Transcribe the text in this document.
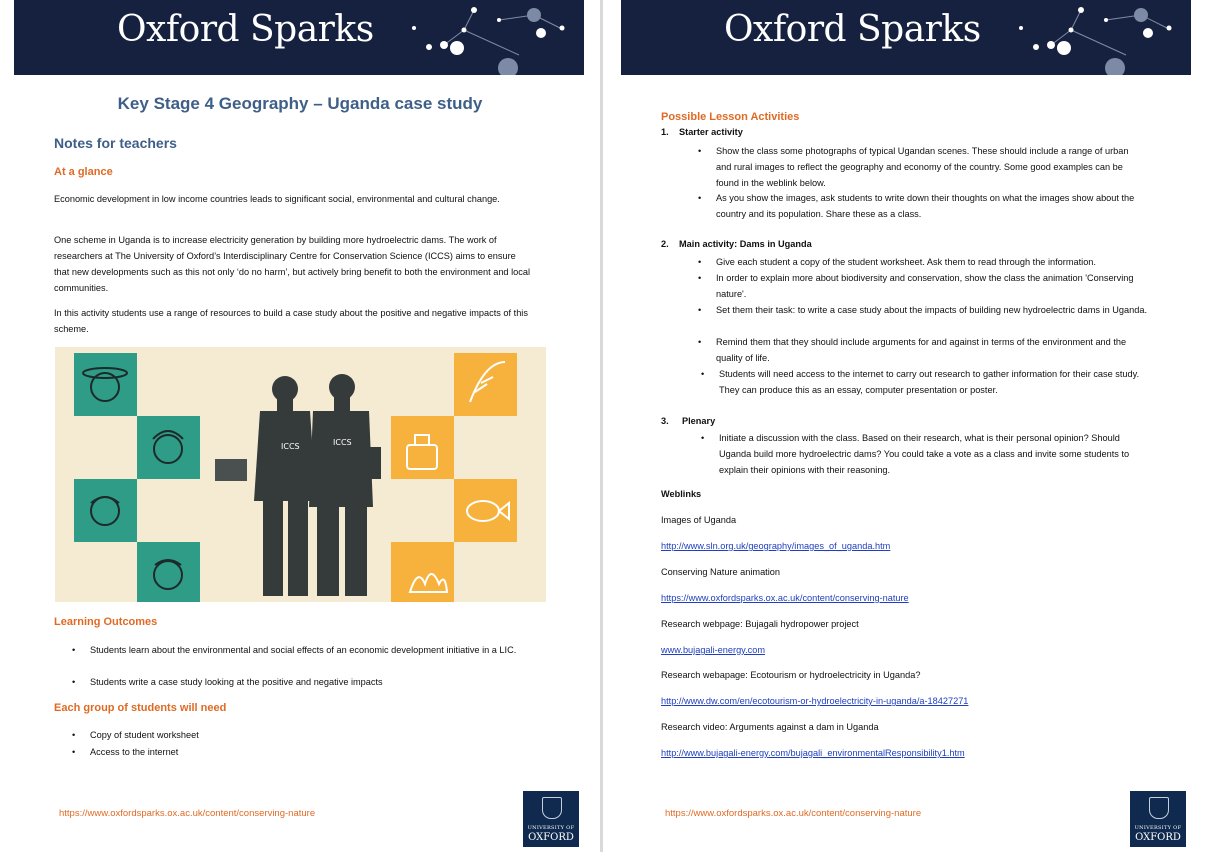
Oxford Sparks
Key Stage 4 Geography – Uganda case study
Notes for teachers
At a glance
Economic development in low income countries leads to significant social, environmental and cultural change.
One scheme in Uganda is to increase electricity generation by building more hydroelectric dams. The work of researchers at The University of Oxford’s Interdisciplinary Centre for Conservation Science (ICCS) aims to ensure that new developments such as this not only ‘do no harm’, but actively bring benefit to both the environment and local communities.
In this activity students use a range of resources to build a case study about the positive and negative impacts of this scheme.
ICCS	ICCS
Learning Outcomes
• Students learn about the environmental and social effects of an economic development initiative in a LIC.
• Students write a case study looking at the positive and negative impacts
Each group of students will need
• Copy of student worksheet
• Access to the internet
https://www.oxfordsparks.ox.ac.uk/content/conserving-nature
UNIVERSITY OF
OXFORD
Oxford Sparks
Possible Lesson Activities
1. Starter activity
• Show the class some photographs of typical Ugandan scenes. These should include a range of urban and rural images to reflect the geography and economy of the country. Some good examples can be found in the weblink below.
• As you show the images, ask students to write down their thoughts on what the images show about the country and its population. Share these as a class.
2. Main activity: Dams in Uganda
• Give each student a copy of the student worksheet. Ask them to read through the information.
• In order to explain more about biodiversity and conservation, show the class the animation 'Conserving nature'.
• Set them their task: to write a case study about the impacts of building new hydroelectric dams in Uganda.
• Remind them that they should include arguments for and against in terms of the environment and the quality of life.
• Students will need access to the internet to carry out research to gather information for their case study. They can produce this as an essay, computer presentation or poster.
3. Plenary
• Initiate a discussion with the class. Based on their research, what is their personal opinion? Should Uganda build more hydroelectric dams? You could take a vote as a class and invite some students to explain their opinions with their reasoning.
Weblinks
Images of Uganda
http://www.sln.org.uk/geography/images_of_uganda.htm
Conserving Nature animation
https://www.oxfordsparks.ox.ac.uk/content/conserving-nature
Research webpage: Bujagali hydropower project
www.bujagali-energy.com
Research webapage: Ecotourism or hydroelectricity in Uganda?
http://www.dw.com/en/ecotourism-or-hydroelectricity-in-uganda/a-18427271
Research video: Arguments against a dam in Uganda
http://www.bujagali-energy.com/bujagali_environmentalResponsibility1.htm
https://www.oxfordsparks.ox.ac.uk/content/conserving-nature
UNIVERSITY OF
OXFORD
